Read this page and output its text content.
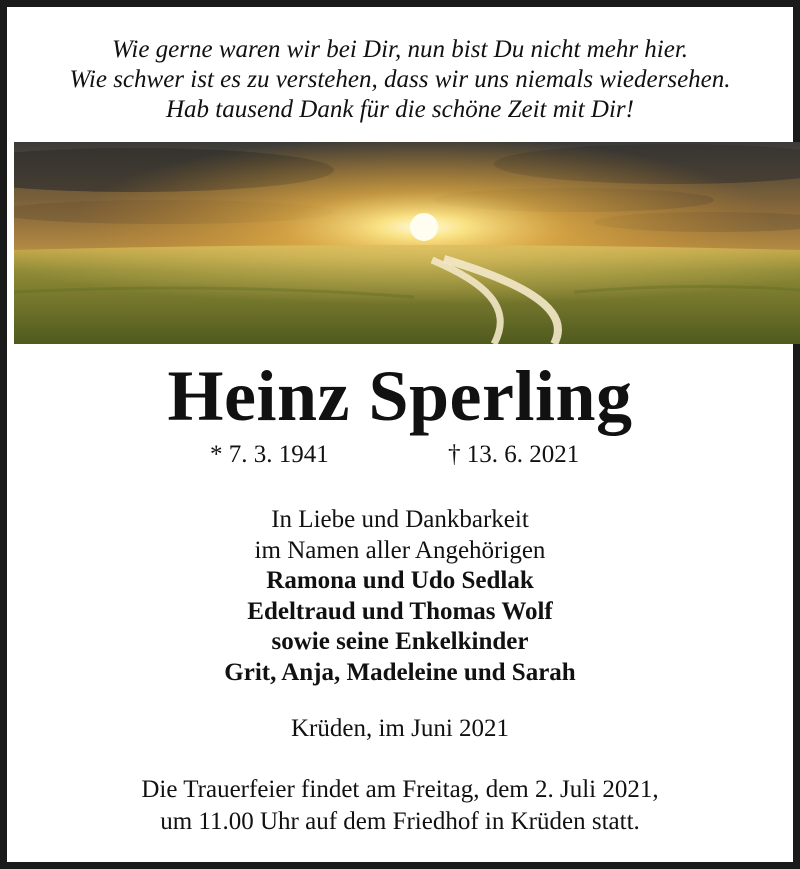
Wie gerne waren wir bei Dir, nun bist Du nicht mehr hier.
Wie schwer ist es zu verstehen, dass wir uns niemals wiedersehen.
Hab tausend Dank für die schöne Zeit mit Dir!
Heinz Sperling
* 7. 3. 1941	† 13. 6. 2021
In Liebe und Dankbarkeit
im Namen aller Angehörigen
Ramona und Udo Sedlak
Edeltraud und Thomas Wolf
sowie seine Enkelkinder
Grit, Anja, Madeleine und Sarah
Krüden, im Juni 2021
Die Trauerfeier findet am Freitag, dem 2. Juli 2021,
um 11.00 Uhr auf dem Friedhof in Krüden statt.
